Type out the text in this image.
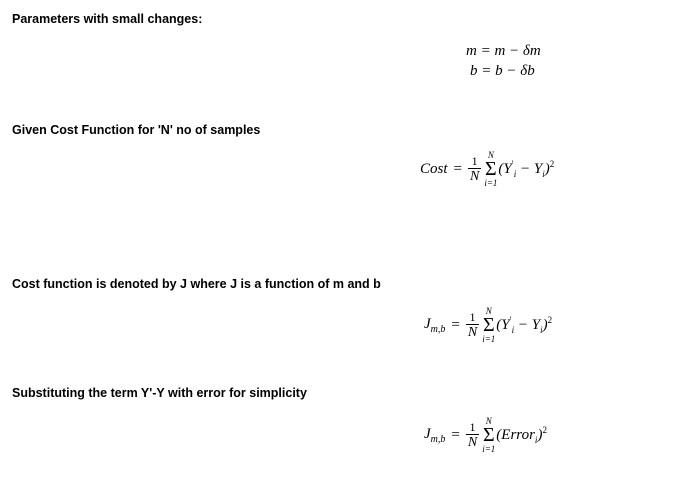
Parameters with small changes:
Given Cost Function for 'N' no of samples
Cost function is denoted by J where J is a function of m and b
Substituting the term Y'-Y with error for simplicity
m = m − δm
b = b − δb
Cost = $\frac{1}{N}$ N
Σ
i=1
$(Y'_i - Y_i)^2$
$J_{m,b} = \frac{1}{N}$ N
Σ
i=1
$(Y'_i - Y_i)^2$
$J_{m,b} = \frac{1}{N}$ N
Σ
i=1
(Error$_i$)$^2$
